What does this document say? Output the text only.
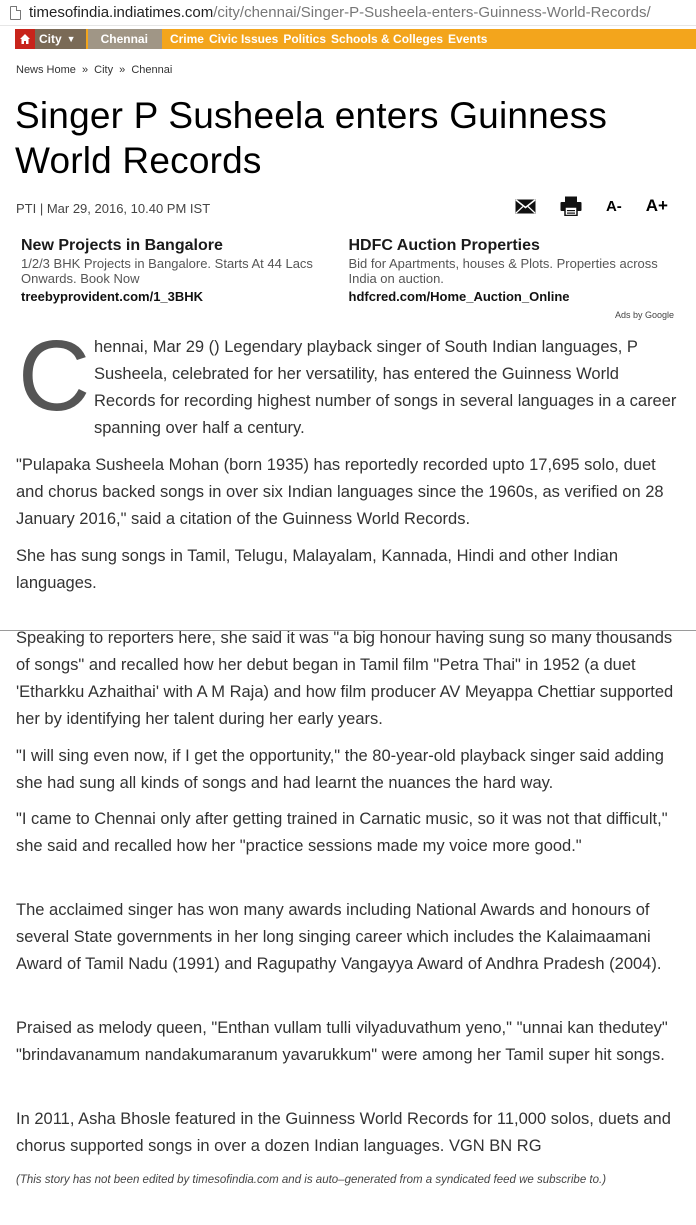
timesofindia.indiatimes.com /city/chennai/Singer-P-Susheela-enters-Guinness-World-Records/
City ▼	Chennai	Crime Civic Issues Politics Schools & Colleges Events
News Home » City » Chennai
Singer P Susheela enters Guinness World Records
PTI | Mar 29, 2016, 10.40 PM IST	A- A+
New Projects in Bangalore

1/2/3 BHK Projects in Bangalore. Starts At 44 Lacs Onwards. Book Now

treebyprovident.com/1_3BHK
HDFC Auction Properties

Bid for Apartments, houses & Plots. Properties across India on auction.

hdfcred.com/Home_Auction_Online
Ads by Google
C hennai, Mar 29 () Legendary playback singer of South Indian languages, P Susheela, celebrated for her versatility, has entered the Guinness World Records for recording highest number of songs in several languages in a career spanning over half a century.

"Pulapaka Susheela Mohan (born 1935) has reportedly recorded upto 17,695 solo, duet and chorus backed songs in over six Indian languages since the 1960s, as verified on 28 January 2016," said a citation of the Guinness World Records.

She has sung songs in Tamil, Telugu, Malayalam, Kannada, Hindi and other Indian languages.

Speaking to reporters here, she said it was "a big honour having sung so many thousands of songs" and recalled how her debut began in Tamil film "Petra Thai" in 1952 (a duet 'Etharkku Azhaithai' with A M Raja) and how film producer AV Meyappa Chettiar supported her by identifying her talent during her early years.

"I will sing even now, if I get the opportunity," the 80-year-old playback singer said adding she had sung all kinds of songs and had learnt the nuances the hard way.

"I came to Chennai only after getting trained in Carnatic music, so it was not that difficult," she said and recalled how her "practice sessions made my voice more good."

The acclaimed singer has won many awards including National Awards and honours of several State governments in her long singing career which includes the Kalaimaamani Award of Tamil Nadu (1991) and Ragupathy Vangayya Award of Andhra Pradesh (2004).

Praised as melody queen, "Enthan vullam tulli vilyaduvathum yeno," "unnai kan thedutey" "brindavanamum nandakumaranum yavarukkum" were among her Tamil super hit songs.

In 2011, Asha Bhosle featured in the Guinness World Records for 11,000 solos, duets and chorus supported songs in over a dozen Indian languages. VGN BN RG

(This story has not been edited by timesofindia.com and is auto–generated from a syndicated feed we subscribe to.)
